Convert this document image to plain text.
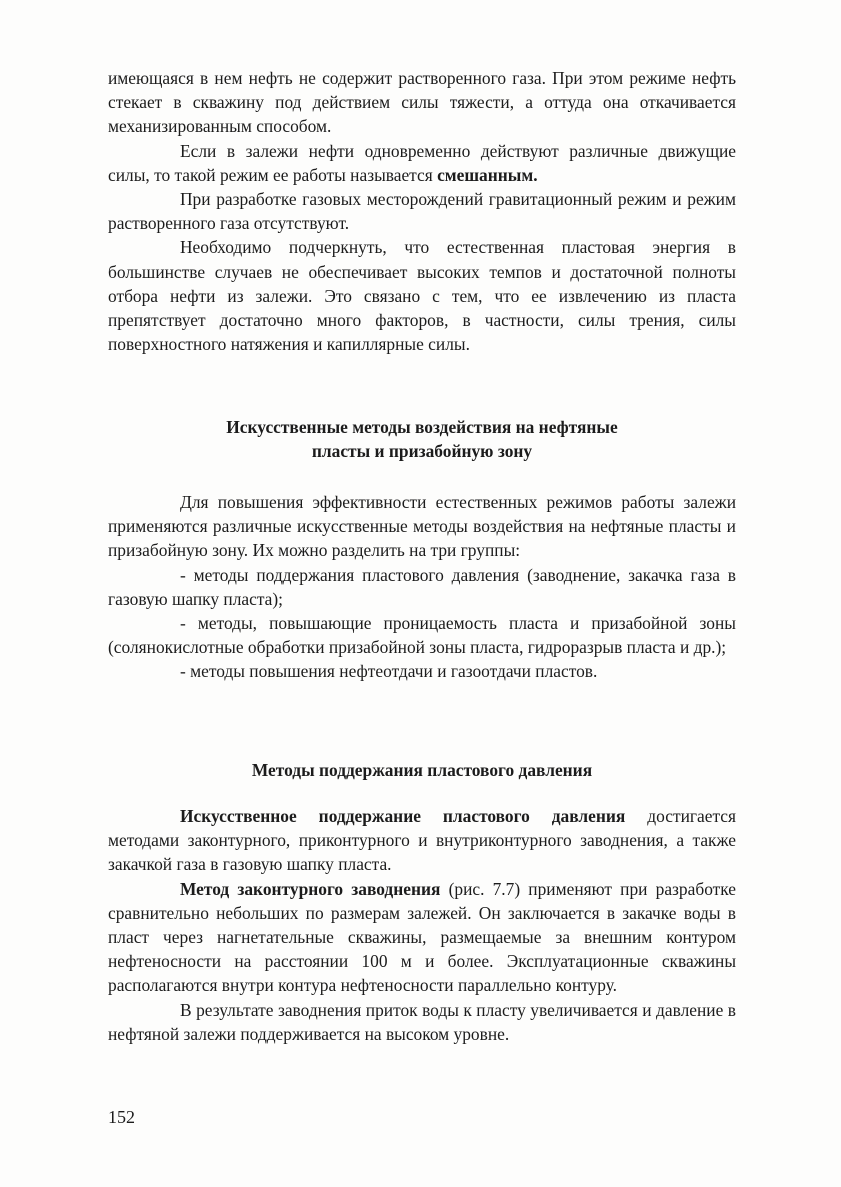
имеющаяся в нем нефть не содержит растворенного газа. При этом режиме нефть стекает в скважину под действием силы тяжести, а оттуда она откачивается механизированным способом.

Если в залежи нефти одновременно действуют различные движущие силы, то такой режим ее работы называется смешанным.

При разработке газовых месторождений гравитационный режим и режим растворенного газа отсутствуют.

Необходимо подчеркнуть, что естественная пластовая энергия в большинстве случаев не обеспечивает высоких темпов и достаточной полноты отбора нефти из залежи. Это связано с тем, что ее извлечению из пласта препятствует достаточно много факторов, в частности, силы трения, силы поверхностного натяжения и капиллярные силы.

Искусственные методы воздействия на нефтяные
пласты и призабойную зону

Для повышения эффективности естественных режимов работы залежи применяются различные искусственные методы воздействия на нефтяные пласты и призабойную зону. Их можно разделить на три группы:

- методы поддержания пластового давления (заводнение, закачка газа в газовую шапку пласта);

- методы, повышающие проницаемость пласта и призабойной зоны (солянокислотные обработки призабойной зоны пласта, гидроразрыв пласта и др.);

- методы повышения нефтеотдачи и газоотдачи пластов.

Методы поддержания пластового давления

Искусственное поддержание пластового давления достигается методами законтурного, приконтурного и внутриконтурного заводнения, а также закачкой газа в газовую шапку пласта.

Метод законтурного заводнения (рис. 7.7) применяют при разработке сравнительно небольших по размерам залежей. Он заключается в закачке воды в пласт через нагнетательные скважины, размещаемые за внешним контуром нефтеносности на расстоянии 100 м и более. Эксплуатационные скважины располагаются внутри контура нефтеносности параллельно контуру.

В результате заводнения приток воды к пласту увеличивается и давление в нефтяной залежи поддерживается на высоком уровне.

152
